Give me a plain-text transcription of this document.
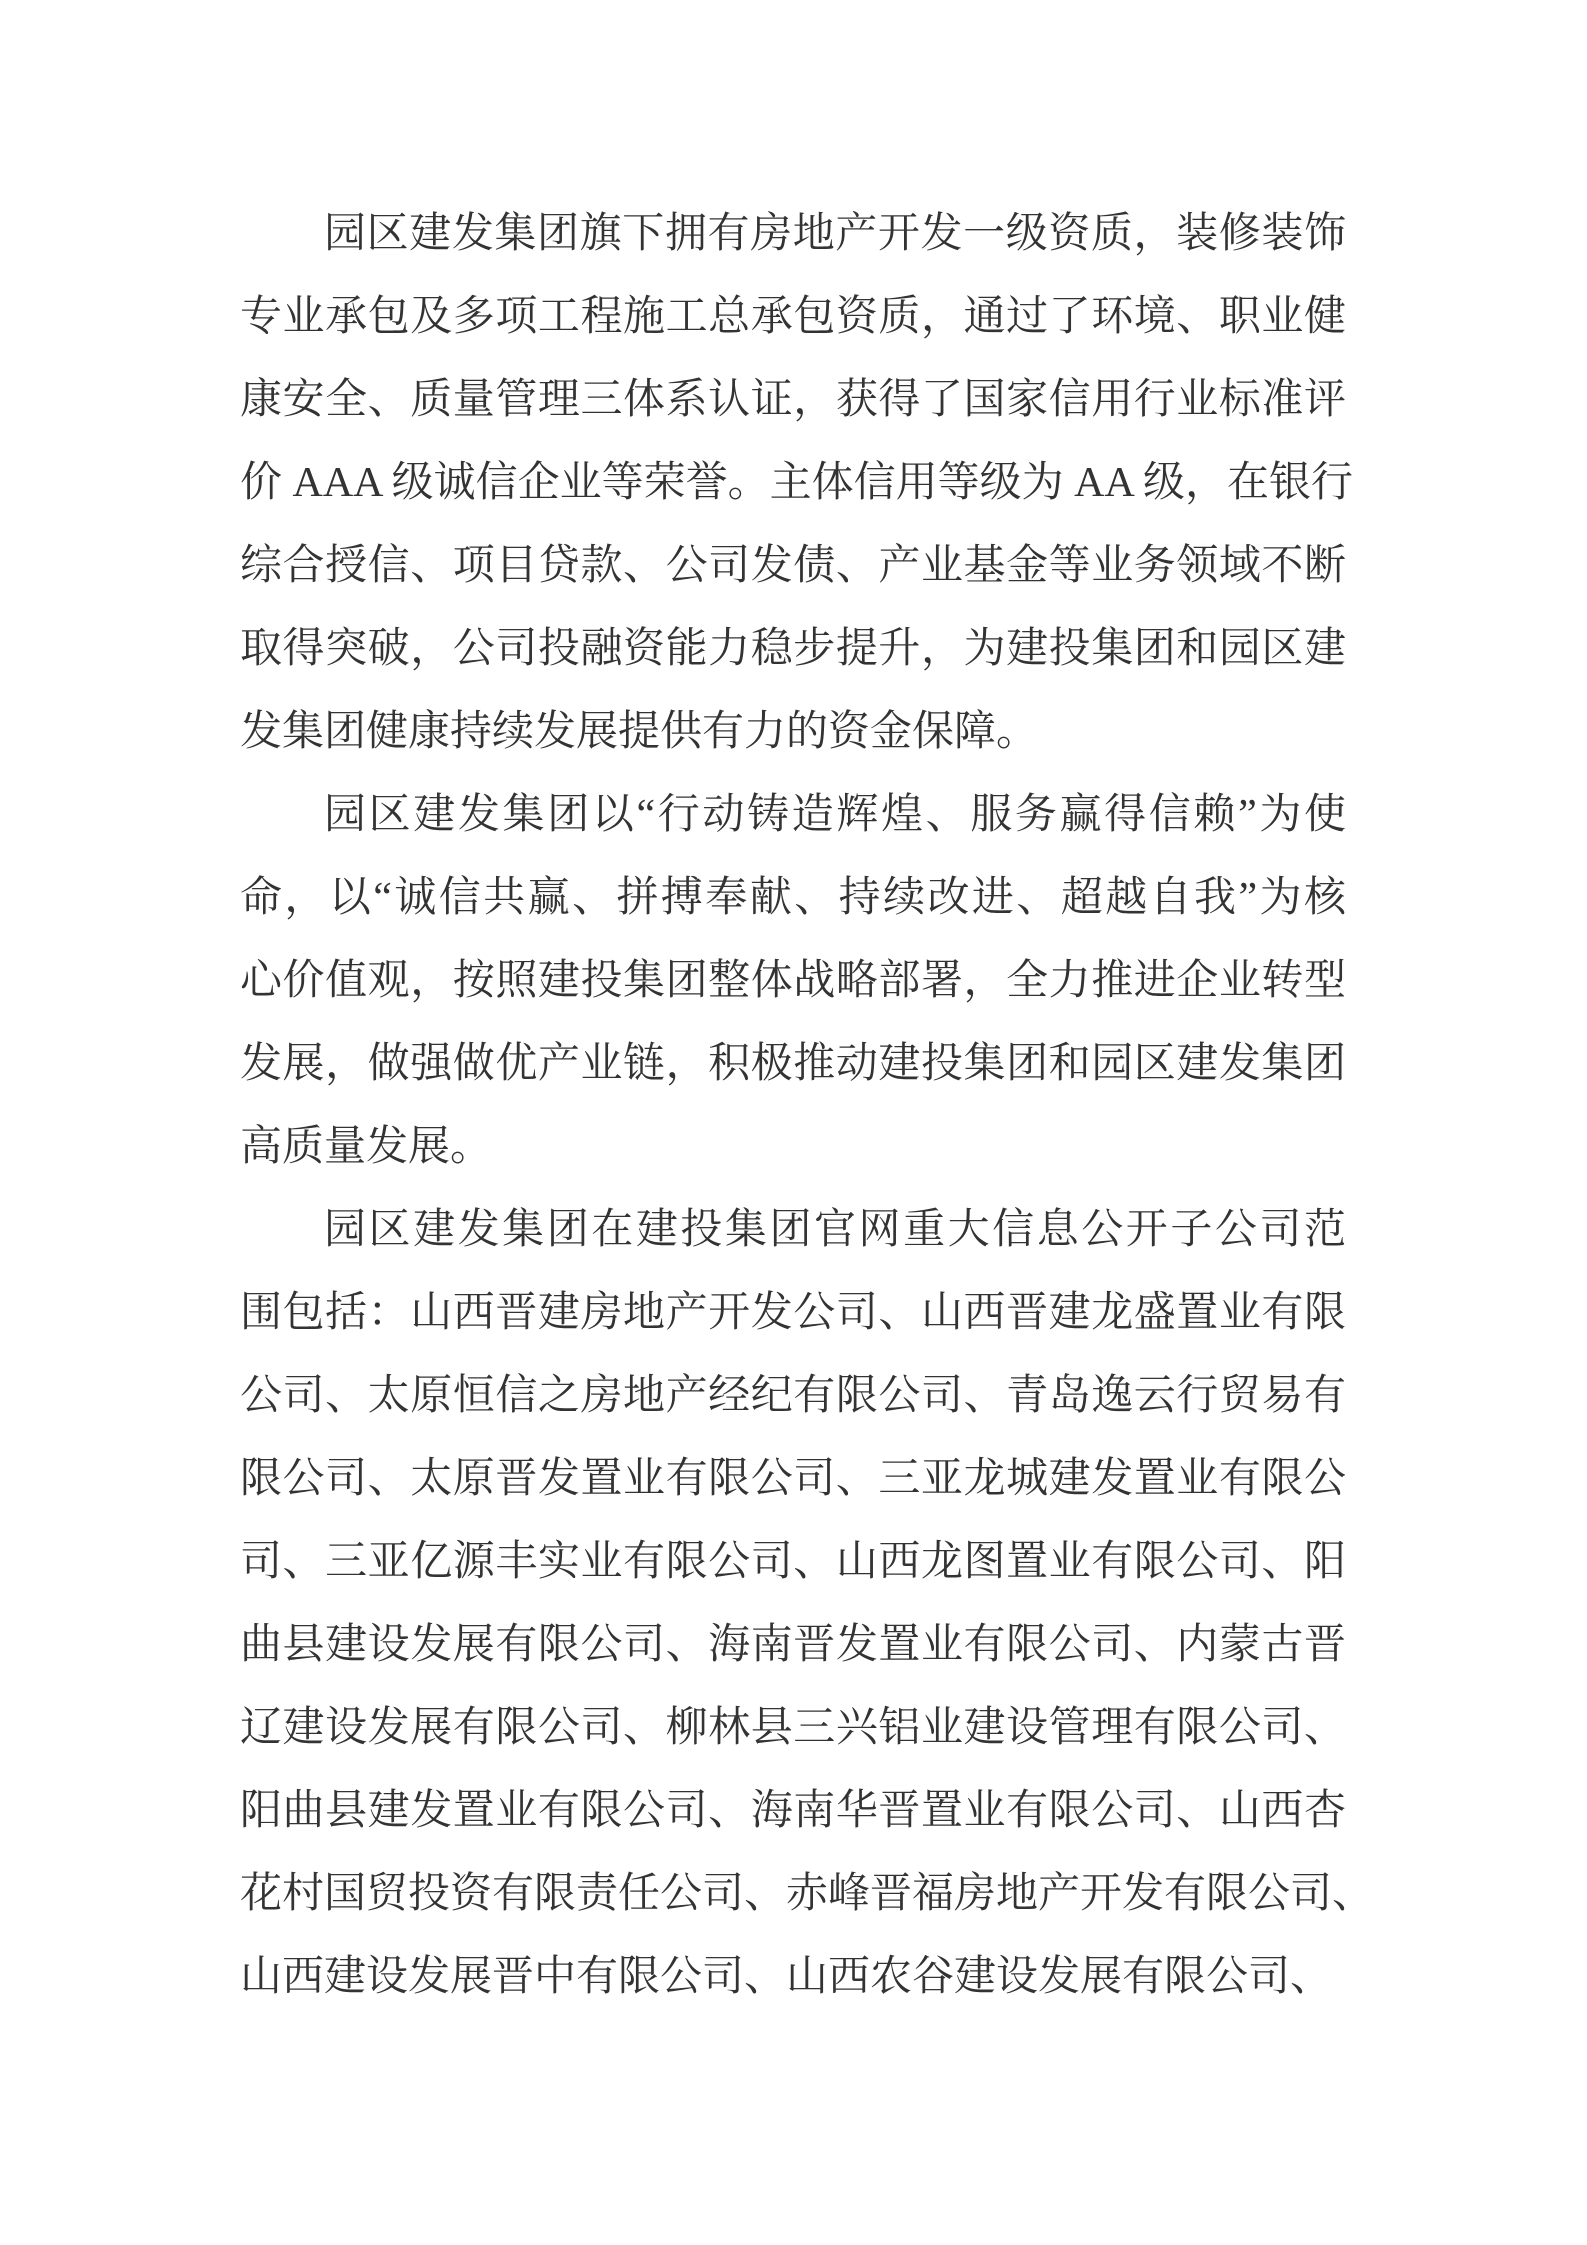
园区建发集团旗下拥有房地产开发一级资质，装修装饰
专业承包及多项工程施工总承包资质，通过了环境、职业健
康安全、质量管理三体系认证，获得了国家信用行业标准评
价 AAA 级诚信企业等荣誉。主体信用等级为 AA 级，在银行
综合授信、项目贷款、公司发债、产业基金等业务领域不断
取得突破，公司投融资能力稳步提升，为建投集团和园区建
发集团健康持续发展提供有力的资金保障。
园区建发集团以“行动铸造辉煌、服务赢得信赖”为使
命，以“诚信共赢、拼搏奉献、持续改进、超越自我”为核
心价值观，按照建投集团整体战略部署，全力推进企业转型
发展，做强做优产业链，积极推动建投集团和园区建发集团
高质量发展。
园区建发集团在建投集团官网重大信息公开子公司范
围包括：山西晋建房地产开发公司、山西晋建龙盛置业有限
公司、太原恒信之房地产经纪有限公司、青岛逸云行贸易有
限公司、太原晋发置业有限公司、三亚龙城建发置业有限公
司、三亚亿源丰实业有限公司、山西龙图置业有限公司、阳
曲县建设发展有限公司、海南晋发置业有限公司、内蒙古晋
辽建设发展有限公司、柳林县三兴铝业建设管理有限公司、
阳曲县建发置业有限公司、海南华晋置业有限公司、山西杏
花村国贸投资有限责任公司、赤峰晋福房地产开发有限公司、
山西建设发展晋中有限公司、山西农谷建设发展有限公司、
